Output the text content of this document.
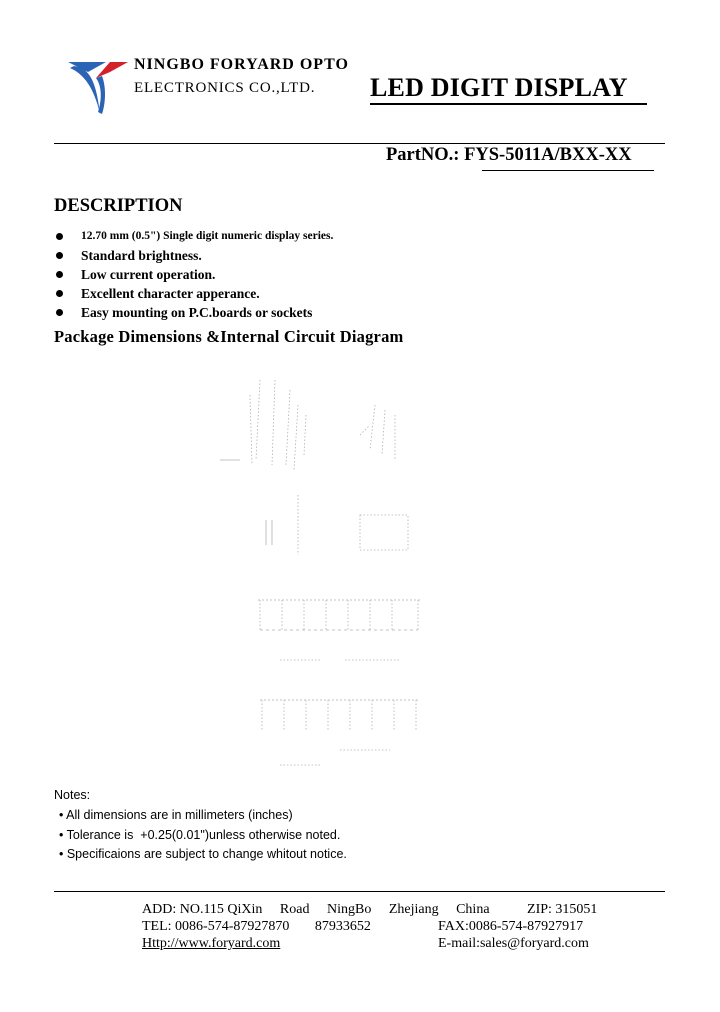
NINGBO FORYARD OPTO
ELECTRONICS CO.,LTD. LED DIGIT DISPLAY
PartNO.: FYS-5011A/BXX-XX
DESCRIPTION
12.70 mm (0.5") Single digit numeric display series.
Standard brightness.
Low current operation.
Excellent character apperance.
Easy mounting on P.C.boards or sockets
Package Dimensions &Internal Circuit Diagram
Notes:
• All dimensions are in millimeters (inches)
• Tolerance is  +0.25(0.01")unless otherwise noted.
• Specificaions are subject to change whitout notice.
ADD: NO.115 QiXin Road NingBo Zhejiang China	ZIP: 315051
TEL: 0086-574-87927870 87933652	FAX:0086-574-87927917
Http://www.foryard.com	E-mail:sales@foryard.com
